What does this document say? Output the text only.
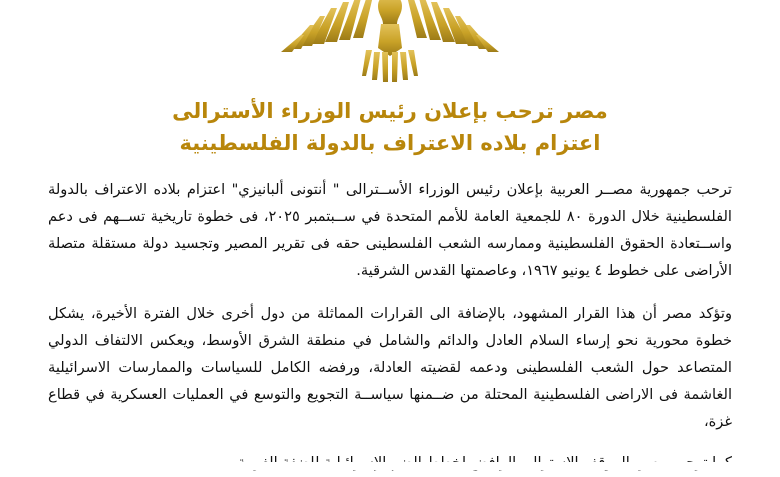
مصر ترحب بإعلان رئيس الوزراء الأسترالى
اعتزام بلاده الاعتراف بالدولة الفلسطينية

ترحب جمهورية مصــر العربية بإعلان رئيس الوزراء الأســترالى " أنتونى ألبانيزي" اعتزام بلاده الاعتراف بالدولة الفلسطينية خلال الدورة ٨٠ للجمعية العامة للأمم المتحدة في ســبتمبر ٢٠٢٥، فى خطوة تاريخية تســهم فى دعم واســتعادة الحقوق الفلسطينية وممارسه الشعب الفلسطينى حقه فى تقرير المصير وتجسيد دولة مستقلة متصلة الأراضى على خطوط ٤ يونيو ١٩٦٧، وعاصمتها القدس الشرقية.

وتؤكد مصر أن هذا القرار المشهود، بالإضافة الى القرارات المماثلة من دول أخرى خلال الفترة الأخيرة، يشكل خطوة محورية نحو إرساء السلام العادل والدائم والشامل في منطقة الشرق الأوسط، ويعكس الالتفاف الدولي المتصاعد حول الشعب الفلسطينى ودعمه لقضيته العادلة، ورفضه الكامل للسياسات والممارسات الاسرائيلية الغاشمة فى الاراضى الفلسطينية المحتلة من ضــمنها سياســة التجويع والتوسع في العمليات العسكرية في قطاع غزة،
